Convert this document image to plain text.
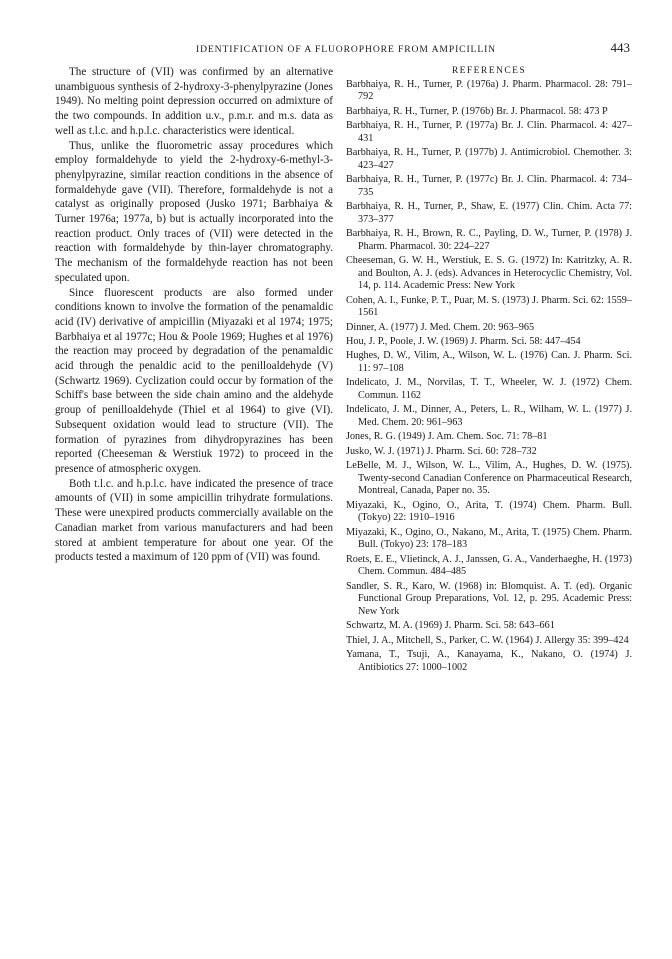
IDENTIFICATION OF A FLUOROPHORE FROM AMPICILLIN	443

The structure of (VII) was confirmed by an alternative unambiguous synthesis of 2-hydroxy-3-phenylpyrazine (Jones 1949). No melting point depression occurred on admixture of the two compounds. In addition u.v., p.m.r. and m.s. data as well as t.l.c. and h.p.l.c. characteristics were identical.

Thus, unlike the fluorometric assay procedures which employ formaldehyde to yield the 2-hydroxy-6-methyl-3-phenylpyrazine, similar reaction conditions in the absence of formaldehyde gave (VII). Therefore, formaldehyde is not a catalyst as originally proposed (Jusko 1971; Barbhaiya & Turner 1976a; 1977a, b) but is actually incorporated into the reaction product. Only traces of (VII) were detected in the reaction with formaldehyde by thin-layer chromatography. The mechanism of the formaldehyde reaction has not been speculated upon.

Since fluorescent products are also formed under conditions known to involve the formation of the penamaldic acid (IV) derivative of ampicillin (Miyazaki et al 1974; 1975; Barbhaiya et al 1977c; Hou & Poole 1969; Hughes et al 1976) the reaction may proceed by degradation of the penamaldic acid through the penaldic acid to the penilloaldehyde (V) (Schwartz 1969). Cyclization could occur by formation of the Schiff's base between the side chain amino and the aldehyde group of penilloaldehyde (Thiel et al 1964) to give (VI). Subsequent oxidation would lead to structure (VII). The formation of pyrazines from dihydropyrazines has been reported (Cheeseman & Werstiuk 1972) to proceed in the presence of atmospheric oxygen.

Both t.l.c. and h.p.l.c. have indicated the presence of trace amounts of (VII) in some ampicillin trihydrate formulations. These were unexpired products commercially available on the Canadian market from various manufacturers and had been stored at ambient temperature for about one year. Of the products tested a maximum of 120 ppm of (VII) was found.

REFERENCES
Barbhaiya, R. H., Turner, P. (1976a) J. Pharm. Pharmacol. 28: 791–792
Barbhaiya, R. H., Turner, P. (1976b) Br. J. Pharmacol. 58: 473 P
Barbhaiya, R. H., Turner, P. (1977a) Br. J. Clin. Pharmacol. 4: 427–431
Barbhaiya, R. H., Turner, P. (1977b) J. Antimicrobiol. Chemother. 3: 423–427
Barbhaiya, R. H., Turner, P. (1977c) Br. J. Clin. Pharmacol. 4: 734–735
Barbhaiya, R. H., Turner, P., Shaw, E. (1977) Clin. Chim. Acta 77: 373–377
Barbhaiya, R. H., Brown, R. C., Payling, D. W., Turner, P. (1978) J. Pharm. Pharmacol. 30: 224–227
Cheeseman, G. W. H., Werstiuk, E. S. G. (1972) In: Katritzky, A. R. and Boulton, A. J. (eds). Advances in Heterocyclic Chemistry, Vol. 14, p. 114. Academic Press: New York
Cohen, A. I., Funke, P. T., Puar, M. S. (1973) J. Pharm. Sci. 62: 1559–1561
Dinner, A. (1977) J. Med. Chem. 20: 963–965
Hou, J. P., Poole, J. W. (1969) J. Pharm. Sci. 58: 447–454
Hughes, D. W., Vilim, A., Wilson, W. L. (1976) Can. J. Pharm. Sci. 11: 97–108
Indelicato, J. M., Norvilas, T. T., Wheeler, W. J. (1972) Chem. Commun. 1162
Indelicato, J. M., Dinner, A., Peters, L. R., Wilham, W. L. (1977) J. Med. Chem. 20: 961–963
Jones, R. G. (1949) J. Am. Chem. Soc. 71: 78–81
Jusko, W. J. (1971) J. Pharm. Sci. 60: 728–732
LeBelle, M. J., Wilson, W. L., Vilim, A., Hughes, D. W. (1975). Twenty-second Canadian Conference on Pharmaceutical Research, Montreal, Canada, Paper no. 35.
Miyazaki, K., Ogino, O., Arita, T. (1974) Chem. Pharm. Bull. (Tokyo) 22: 1910–1916
Miyazaki, K., Ogino, O., Nakano, M., Arita, T. (1975) Chem. Pharm. Bull. (Tokyo) 23: 178–183
Roets, E. E., Vlietinck, A. J., Janssen, G. A., Vanderhaeghe, H. (1973) Chem. Commun. 484–485
Sandler, S. R., Karo, W. (1968) in: Blomquist. A. T. (ed). Organic Functional Group Preparations, Vol. 12, p. 295. Academic Press: New York
Schwartz, M. A. (1969) J. Pharm. Sci. 58: 643–661
Thiel, J. A., Mitchell, S., Parker, C. W. (1964) J. Allergy 35: 399–424
Yamana, T., Tsuji, A., Kanayama, K., Nakano, O. (1974) J. Antibiotics 27: 1000–1002
